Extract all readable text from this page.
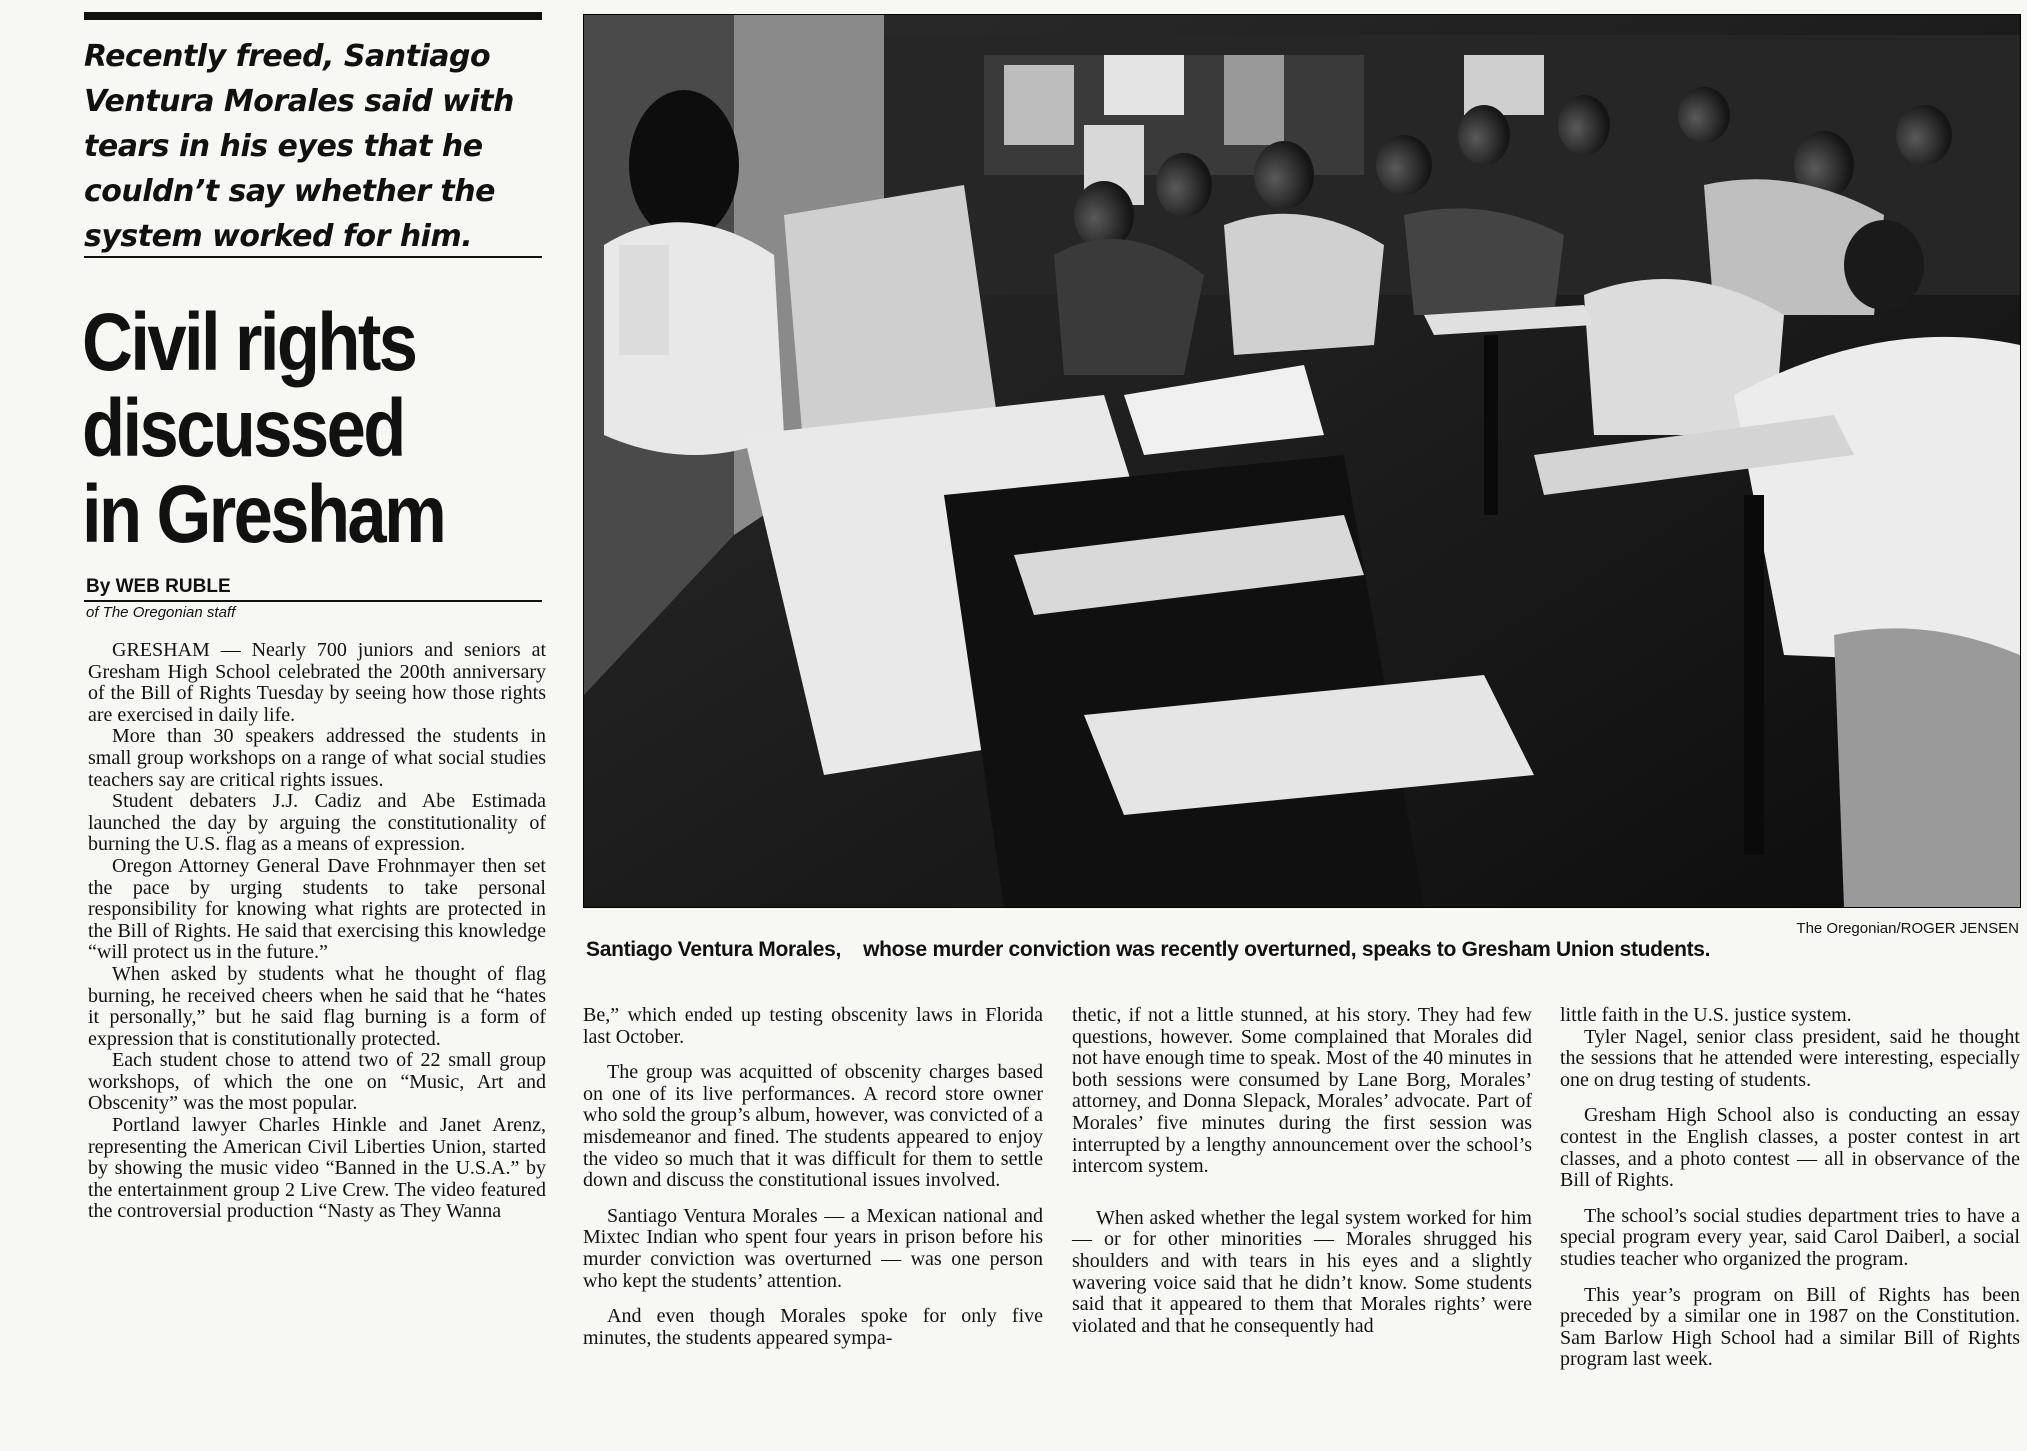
Recently freed, Santiago
Ventura Morales said with
tears in his eyes that he
couldn’t say whether the
system worked for him.
Civil rights
discussed
in Gresham
By WEB RUBLE
of The Oregonian staff

GRESHAM — Nearly 700 juniors and seniors at Gresham High School celebrated the 200th anniversary of the Bill of Rights Tuesday by seeing how those rights are exercised in daily life.

More than 30 speakers addressed the students in small group workshops on a range of what social studies teachers say are critical rights issues.

Student debaters J.J. Cadiz and Abe Estimada launched the day by arguing the constitutionality of burning the U.S. flag as a means of expression.

Oregon Attorney General Dave Frohnmayer then set the pace by urging students to take personal responsibility for knowing what rights are protected in the Bill of Rights. He said that exercising this knowledge “will protect us in the future.”

When asked by students what he thought of flag burning, he received cheers when he said that he “hates it personally,” but he said flag burning is a form of expression that is constitutionally protected.

Each student chose to attend two of 22 small group workshops, of which the one on “Music, Art and Obscenity” was the most popular.

Portland lawyer Charles Hinkle and Janet Arenz, representing the American Civil Liberties Union, started by showing the music video “Banned in the U.S.A.” by the entertainment group 2 Live Crew. The video featured the controversial production “Nasty as They Wanna

The Oregonian/ROGER JENSEN
Santiago Ventura Morales, whose murder conviction was recently overturned, speaks to Gresham Union students.

Be,” which ended up testing obscenity laws in Florida last October.

The group was acquitted of obscenity charges based on one of its live performances. A record store owner who sold the group’s album, however, was convicted of a misdemeanor and fined. The students appeared to enjoy the video so much that it was difficult for them to settle down and discuss the constitutional issues involved.

Santiago Ventura Morales — a Mexican national and Mixtec Indian who spent four years in prison before his murder conviction was overturned — was one person who kept the students’ attention.

And even though Morales spoke for only five minutes, the students appeared sympa-

thetic, if not a little stunned, at his story. They had few questions, however. Some complained that Morales did not have enough time to speak. Most of the 40 minutes in both sessions were consumed by Lane Borg, Morales’ attorney, and Donna Slepack, Morales’ advocate. Part of Morales’ five minutes during the first session was interrupted by a lengthy announcement over the school’s intercom system.

When asked whether the legal system worked for him — or for other minorities — Morales shrugged his shoulders and with tears in his eyes and a slightly wavering voice said that he didn’t know. Some students said that it appeared to them that Morales rights’ were violated and that he consequently had

little faith in the U.S. justice system.

Tyler Nagel, senior class president, said he thought the sessions that he attended were interesting, especially one on drug testing of students.

Gresham High School also is conducting an essay contest in the English classes, a poster contest in art classes, and a photo contest — all in observance of the Bill of Rights.

The school’s social studies department tries to have a special program every year, said Carol Daiberl, a social studies teacher who organized the program.

This year’s program on Bill of Rights has been preceded by a similar one in 1987 on the Constitution. Sam Barlow High School had a similar Bill of Rights program last week.
